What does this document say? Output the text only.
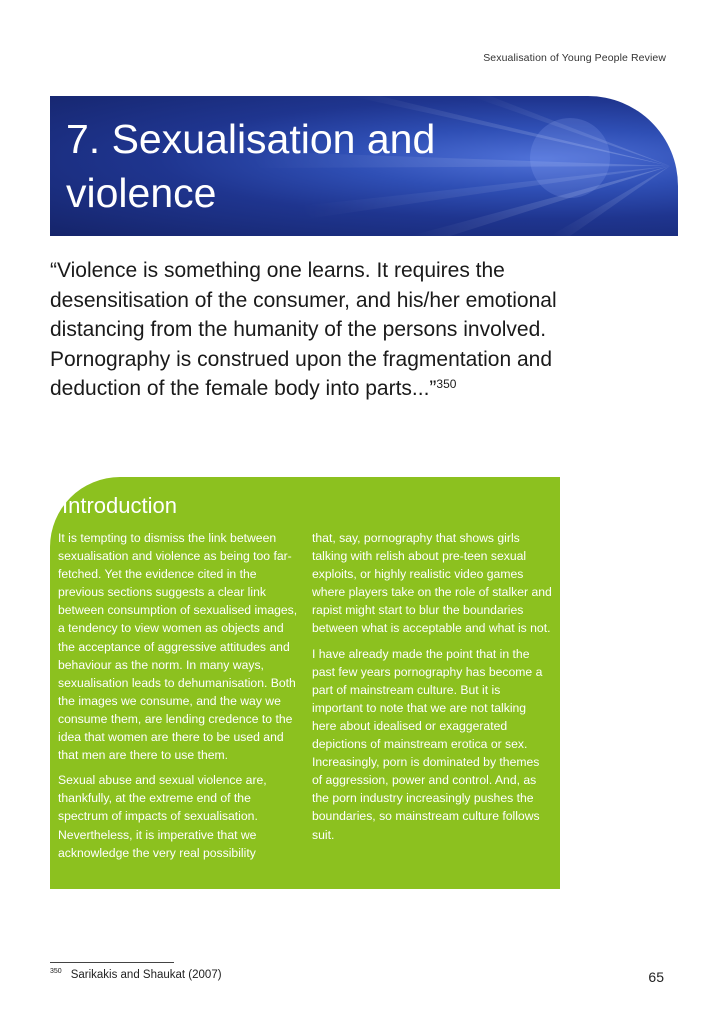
Sexualisation of Young People Review
7. Sexualisation and violence

“Violence is something one learns. It requires the desensitisation of the consumer, and his/her emotional distancing from the humanity of the persons involved. Pornography is construed upon the fragmentation and deduction of the female body into parts...”$^{350}$

Introduction

It is tempting to dismiss the link between sexualisation and violence as being too far-fetched. Yet the evidence cited in the previous sections suggests a clear link between consumption of sexualised images, a tendency to view women as objects and the acceptance of aggressive attitudes and behaviour as the norm. In many ways, sexualisation leads to dehumanisation. Both the images we consume, and the way we consume them, are lending credence to the idea that women are there to be used and that men are there to use them.

Sexual abuse and sexual violence are, thankfully, at the extreme end of the spectrum of impacts of sexualisation. Nevertheless, it is imperative that we acknowledge the very real possibility

that, say, pornography that shows girls talking with relish about pre-teen sexual exploits, or highly realistic video games where players take on the role of stalker and rapist might start to blur the boundaries between what is acceptable and what is not.

I have already made the point that in the past few years pornography has become a part of mainstream culture. But it is important to note that we are not talking here about idealised or exaggerated depictions of mainstream erotica or sex. Increasingly, porn is dominated by themes of aggression, power and control. And, as the porn industry increasingly pushes the boundaries, so mainstream culture follows suit.

$^{350}$ Sarikakis and Shaukat (2007)	65
